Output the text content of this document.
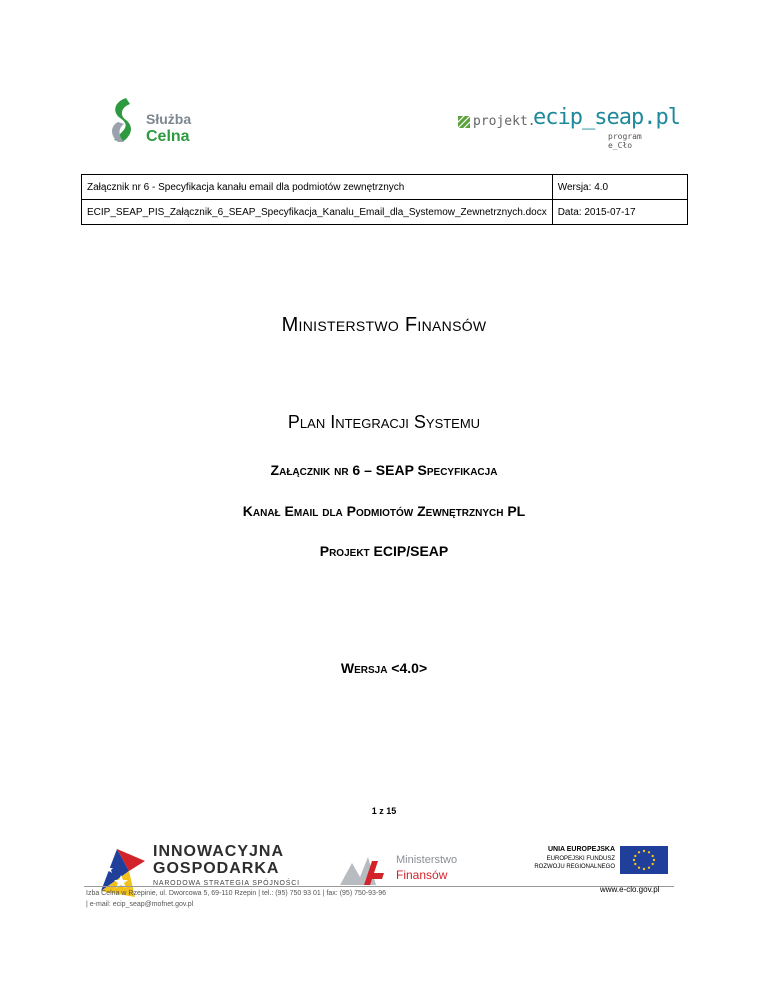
Służba
Celna
projekt.
ecip_seap.pl
program e_Cło
Załącznik nr 6 - Specyfikacja kanału email dla podmiotów zewnętrznych	Wersja: 4.0
ECIP_SEAP_PIS_Załącznik_6_SEAP_Specyfikacja_Kanalu_Email_dla_Systemow_Zewnetrznych.docx	Data: 2015-07-17
Ministerstwo Finansów
Plan Integracji Systemu
Załącznik nr 6 – SEAP Specyfikacja
Kanał Email dla Podmiotów Zewnętrznych PL
Projekt ECIP/SEAP
Wersja <4.0>
1 z 15
INNOWACYJNA
GOSPODARKA
NARODOWA STRATEGIA SPÓJNOŚCI
Ministerstwo
Finansów
UNIA EUROPEJSKA
EUROPEJSKI FUNDUSZ
ROZWOJU REGIONALNEGO
Izba Celna w Rzepinie, ul. Dworcowa 5, 69-110 Rzepin | tel.: (95) 750 93 01 | fax: (95) 750-93-96
| e-mail: ecip_seap@mofnet.gov.pl
www.e-clo.gov.pl
